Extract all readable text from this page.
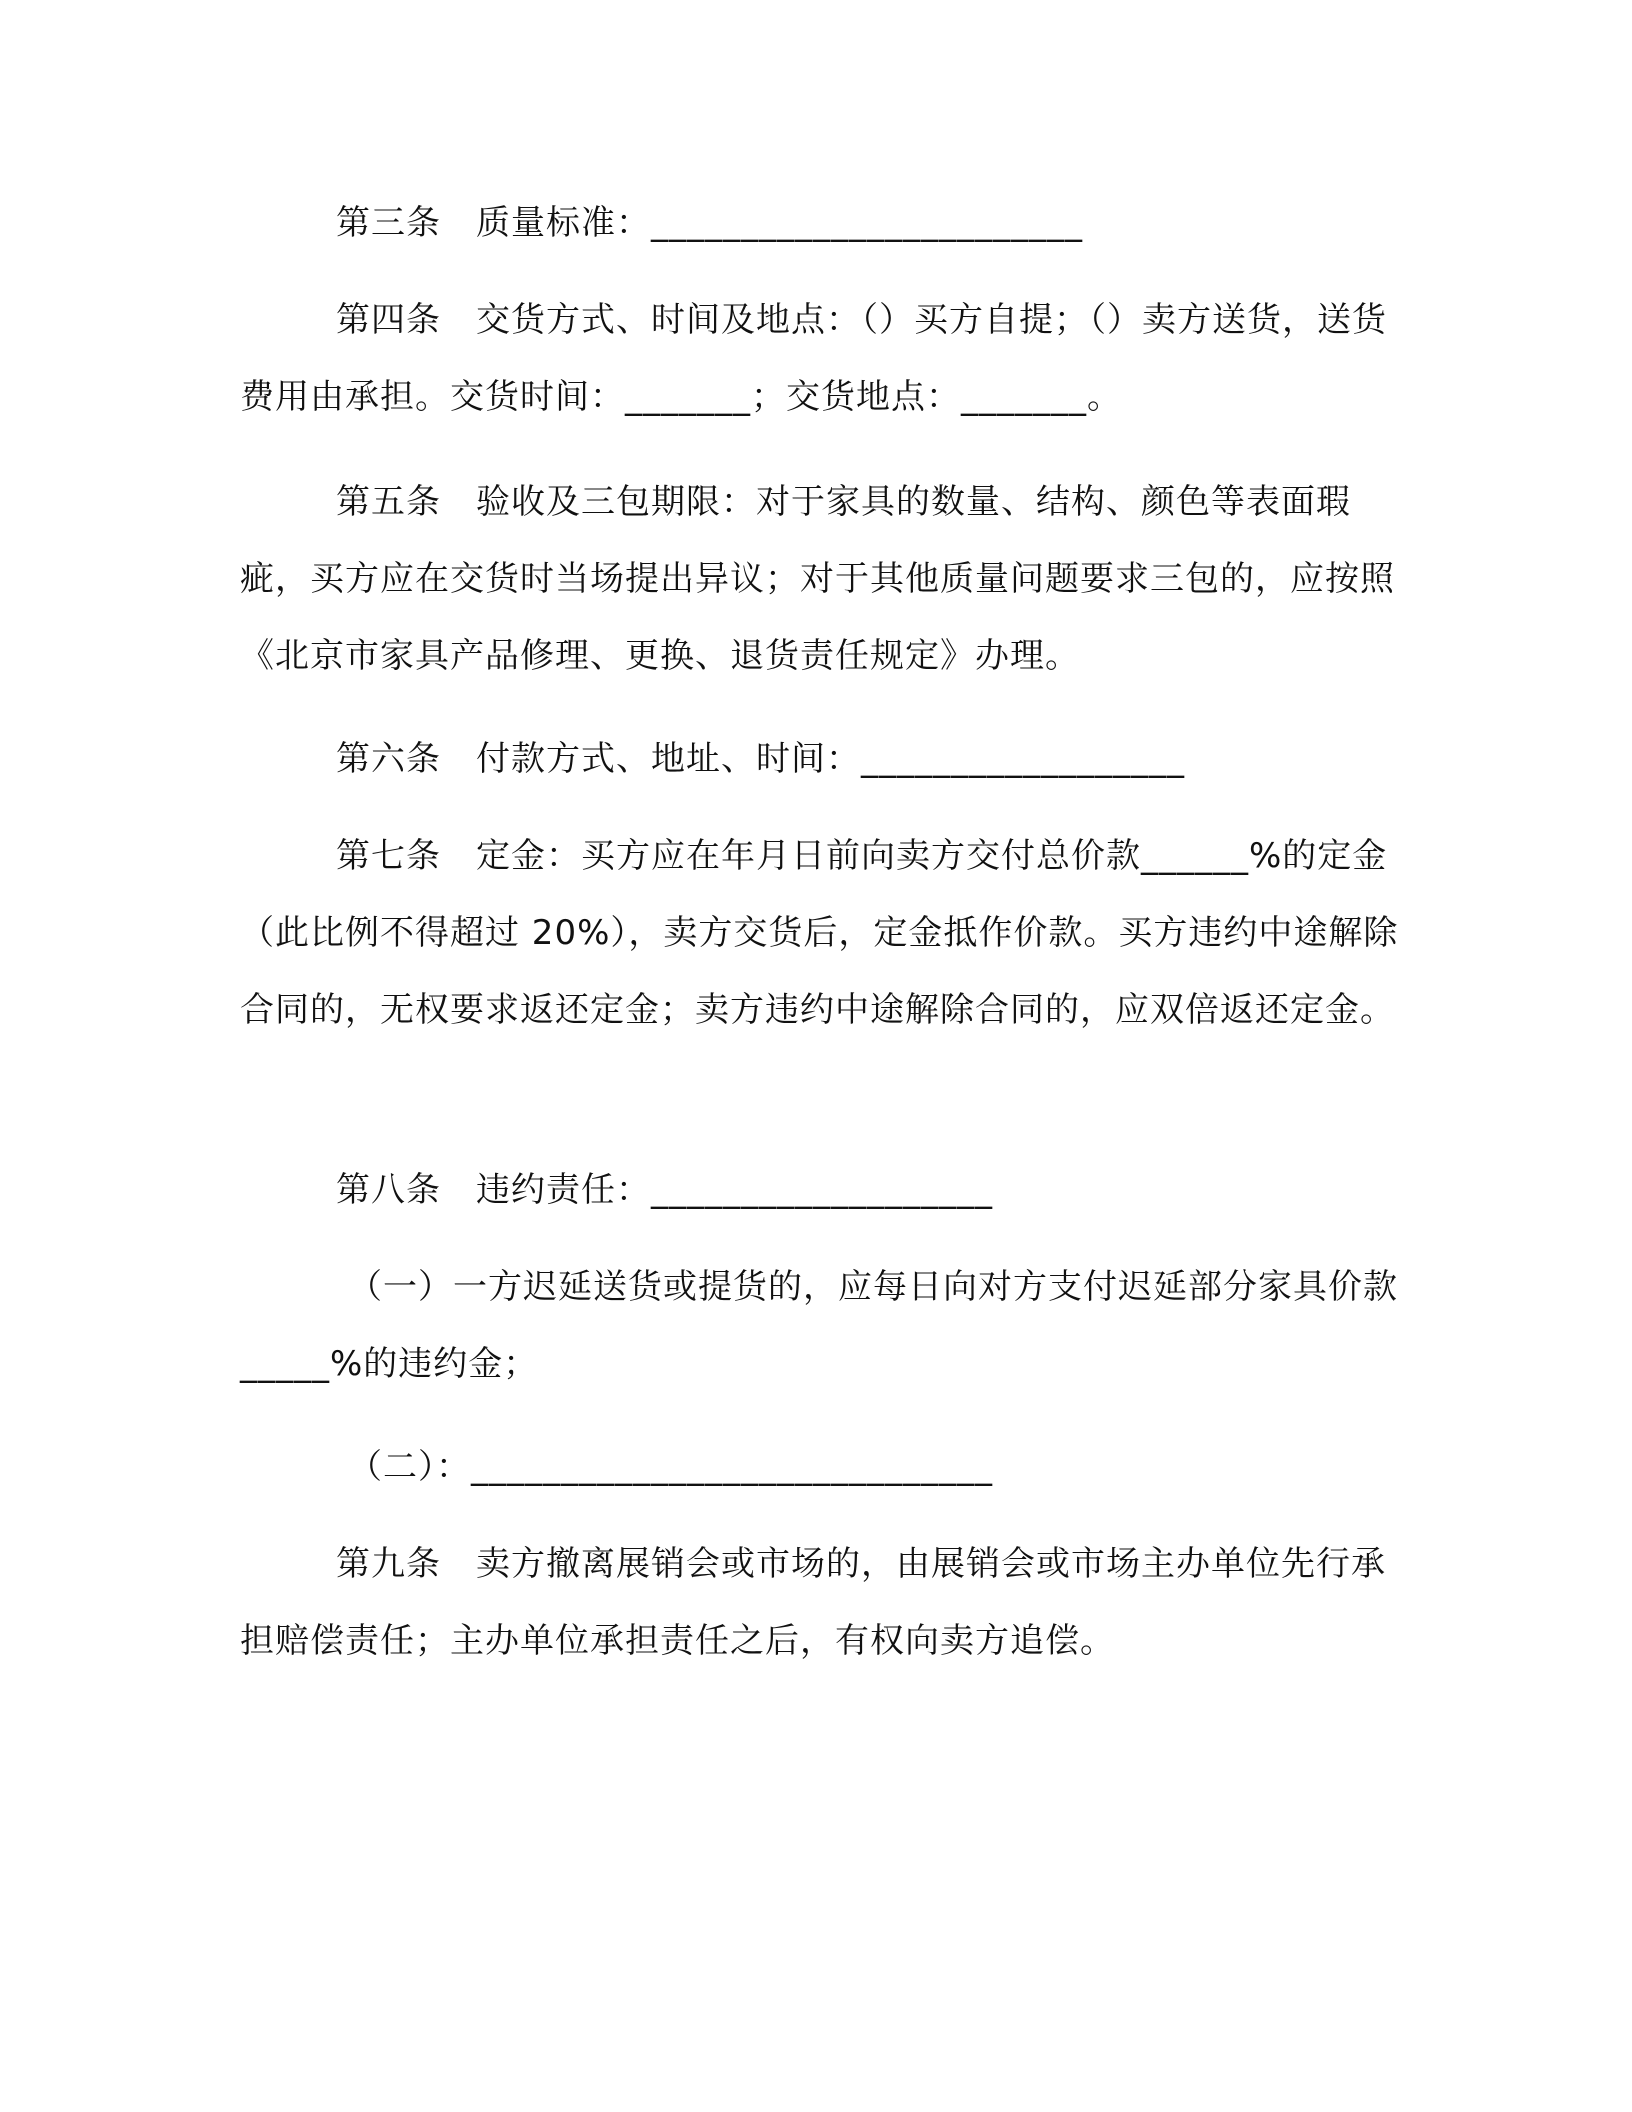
第三条　质量标准：________________________

第四条　交货方式、时间及地点：（）买方自提；（）卖方送货，送货费用由承担。交货时间：_______；交货地点：_______。

第五条　验收及三包期限：对于家具的数量、结构、颜色等表面瑕疵，买方应在交货时当场提出异议；对于其他质量问题要求三包的，应按照《北京市家具产品修理、更换、退货责任规定》办理。

第六条　付款方式、地址、时间：__________________

第七条　定金：买方应在年月日前向卖方交付总价款______%的定金（此比例不得超过 20%），卖方交货后，定金抵作价款。买方违约中途解除合同的，无权要求返还定金；卖方违约中途解除合同的，应双倍返还定金。

第八条　违约责任：___________________

（一）一方迟延送货或提货的，应每日向对方支付迟延部分家具价款_____%的违约金；

（二）：_____________________________

第九条　卖方撤离展销会或市场的，由展销会或市场主办单位先行承担赔偿责任；主办单位承担责任之后，有权向卖方追偿。
